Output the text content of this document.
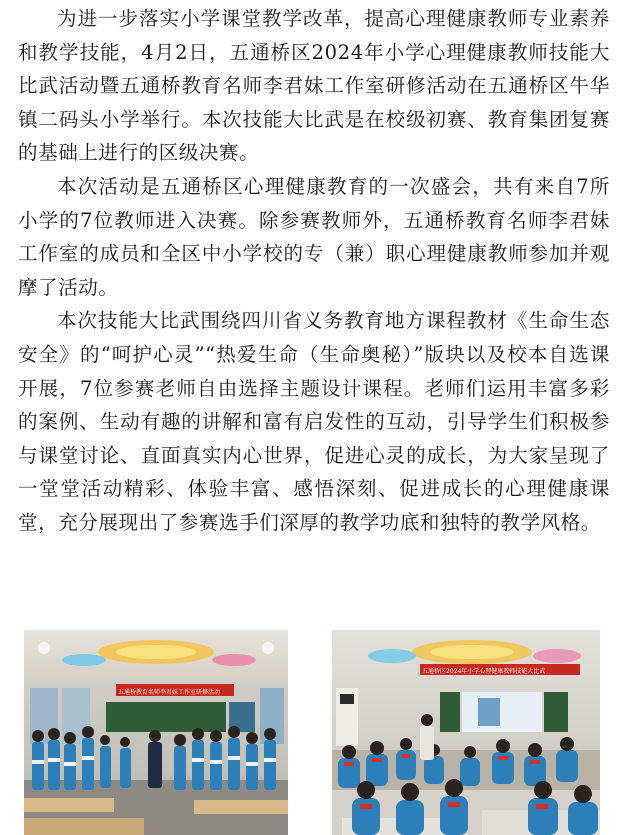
为进一步落实小学课堂教学改革，提高心理健康教师专业素养和教学技能，4月2日，五通桥区2024年小学心理健康教师技能大比武活动暨五通桥教育名师李君妹工作室研修活动在五通桥区牛华镇二码头小学举行。本次技能大比武是在校级初赛、教育集团复赛的基础上进行的区级决赛。

本次活动是五通桥区心理健康教育的一次盛会，共有来自7所小学的7位教师进入决赛。除参赛教师外，五通桥教育名师李君妹工作室的成员和全区中小学校的专（兼）职心理健康教师参加并观摩了活动。

本次技能大比武围绕四川省义务教育地方课程教材《生命生态 安全》的“呵护心灵”“热爱生命（生命奥秘）”版块以及校本自选课开展，7位参赛老师自由选择主题设计课程。老师们运用丰富多彩的案例、生动有趣的讲解和富有启发性的互动，引导学生们积极参与课堂讨论、直面真实内心世界，促进心灵的成长，为大家呈现了一堂堂活动精彩、体验丰富、感悟深刻、促进成长的心理健康课堂，充分展现出了参赛选手们深厚的教学功底和独特的教学风格。

五通桥教育名师李君妹工作室研修活动
五通桥区2024年小学心理健康教师技能大比武
